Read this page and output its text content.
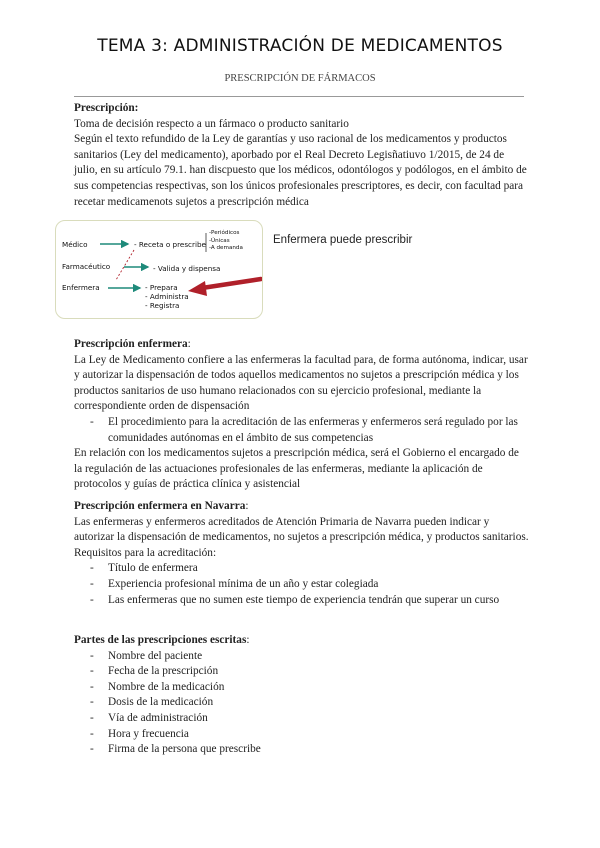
TEMA 3: ADMINISTRACIÓN DE MEDICAMENTOS
PRESCRIPCIÓN DE FÁRMACOS

Prescripción:

Toma de decisión respecto a un fármaco o producto sanitario

Según el texto refundido de la Ley de garantías y uso racional de los medicamentos y productos sanitarios (Ley del medicamento), aporbado por el Real Decreto Legisñatiuvo 1/2015, de 24 de julio, en su artículo 79.1. han discpuesto que los médicos, odontólogos y podólogos, en el ámbito de sus competencias respectivas, son los únicos profesionales prescriptores, es decir, con facultad para recetar medicamenots sujetos a prescripción médica

Médico	- Receta o prescribe
-Periódicos
-Únicas
-A demanda
Farmacéutico	- Valida y dispensa
Enfermera	- Prepara
- Administra
- Registra
Enfermera puede prescribir

Prescripción enfermera:

La Ley de Medicamento confiere a las enfermeras la facultad para, de forma autónoma, indicar, usar y autorizar la dispensación de todos aquellos medicamentos no sujetos a prescripción médica y los productos sanitarios de uso humano relacionados con su ejercicio profesional, mediante la correspondiente orden de dispensación

- El procedimiento para la acreditación de las enfermeras y enfermeros será regulado por las comunidades autónomas en el ámbito de sus competencias

En relación con los medicamentos sujetos a prescripción médica, será el Gobierno el encargado de la regulación de las actuaciones profesionales de las enfermeras, mediante la aplicación de protocolos y guías de práctica clínica y asistencial

Prescripción enfermera en Navarra:

Las enfermeras y enfermeros acreditados de Atención Primaria de Navarra pueden indicar y autorizar la dispensación de medicamentos, no sujetos a prescripción médica, y productos sanitarios.

Requisitos para la acreditación:

- Título de enfermera
- Experiencia profesional mínima de un año y estar colegiada
- Las enfermeras que no sumen este tiempo de experiencia tendrán que superar un curso

Partes de las prescripciones escritas:

- Nombre del paciente
- Fecha de la prescripción
- Nombre de la medicación
- Dosis de la medicación
- Vía de administración
- Hora y frecuencia
- Firma de la persona que prescribe
